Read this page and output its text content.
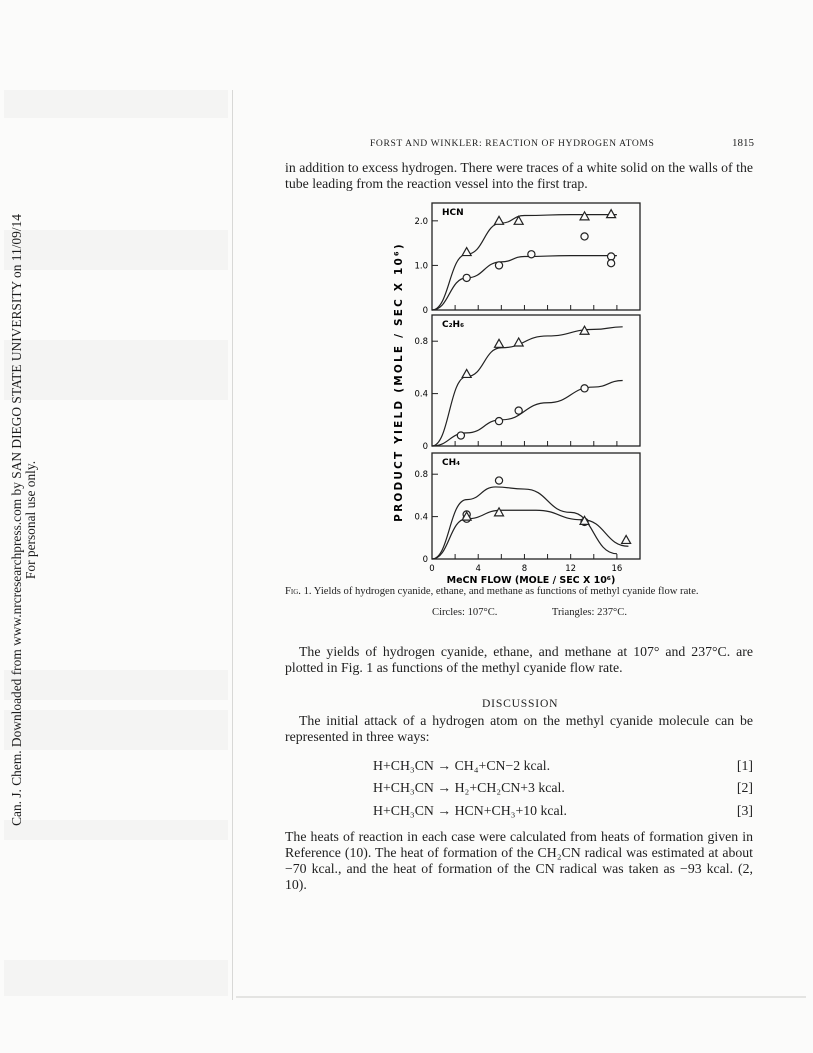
Can. J. Chem. Downloaded from www.nrcresearchpress.com by SAN DIEGO STATE UNIVERSITY on 11/09/14 For personal use only.
FORST AND WINKLER: REACTION OF HYDROGEN ATOMS	1815

in addition to excess hydrogen. There were traces of a white solid on the walls of the tube leading from the reaction vessel into the first trap.

PRODUCT YIELD (MOLE / SEC X 10⁶)
HCN
0
1.0
2.0
C₂H₆
0
0.4
0.8
CH₄
0
0.4
0.8
0	4	8	12	16
MeCN FLOW (MOLE / SEC X 10⁶)
Fig. 1. Yields of hydrogen cyanide, ethane, and methane as functions of methyl cyanide flow rate.
Circles: 107°C.	Triangles: 237°C.

The yields of hydrogen cyanide, ethane, and methane at 107° and 237°C. are plotted in Fig. 1 as functions of the methyl cyanide flow rate.

DISCUSSION

The initial attack of a hydrogen atom on the methyl cyanide molecule can be represented in three ways:

H+CH₃CN → CH₄+CN−2 kcal.	[1]
H+CH₃CN → H₂+CH₂CN+3 kcal.	[2]
H+CH₃CN → HCN+CH₃+10 kcal.	[3]

The heats of reaction in each case were calculated from heats of formation given in Reference (10). The heat of formation of the CH₂CN radical was estimated at about −70 kcal., and the heat of formation of the CN radical was taken as −93 kcal. (2, 10).
